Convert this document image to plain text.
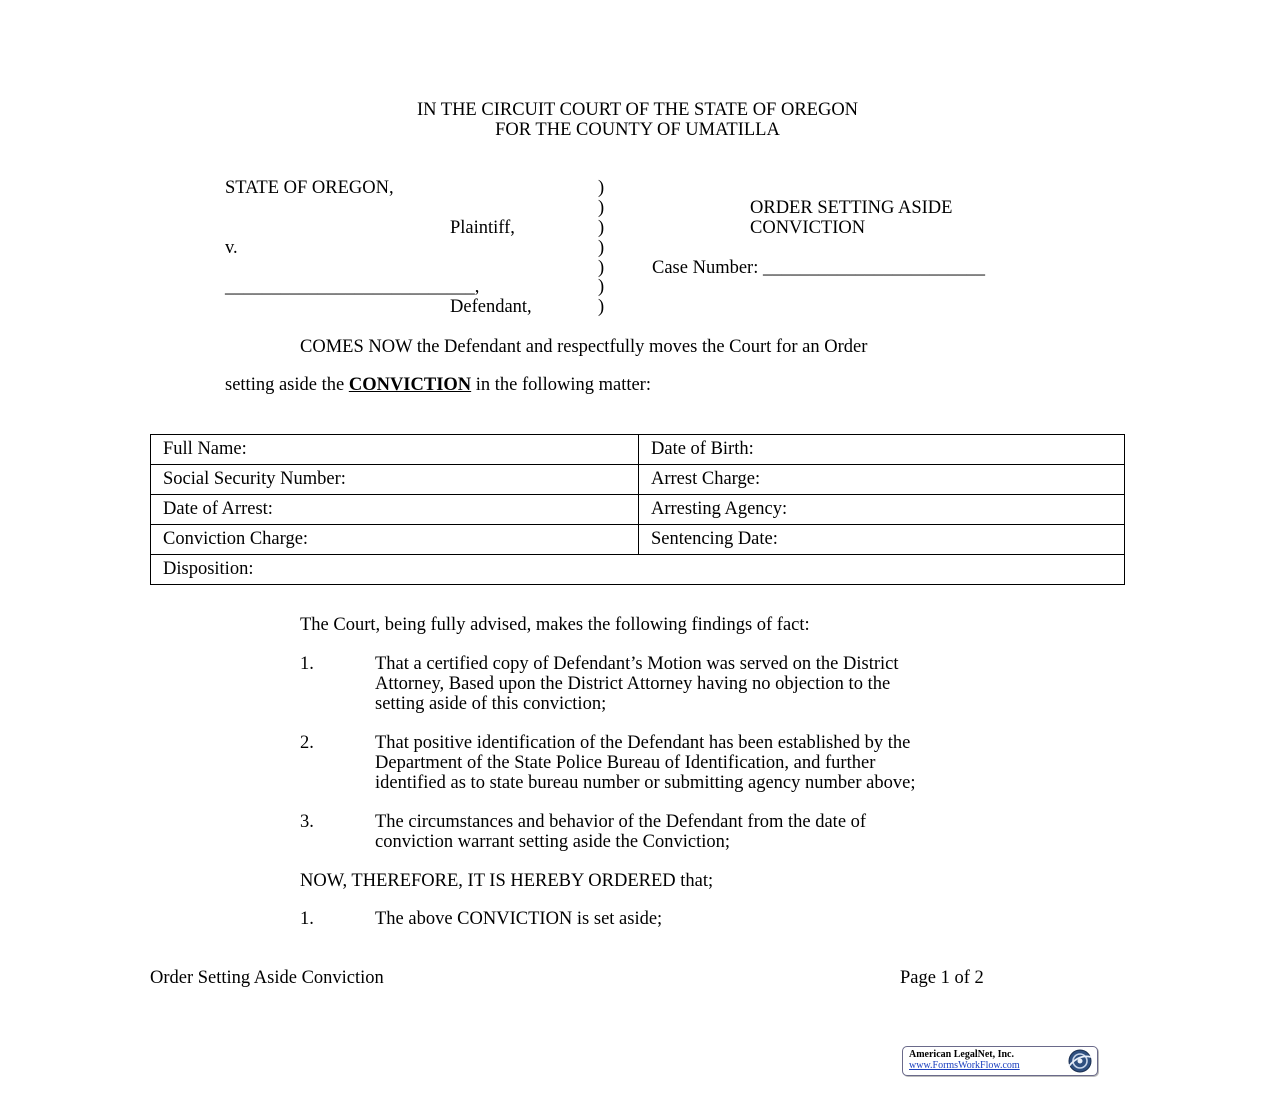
IN THE CIRCUIT COURT OF THE STATE OF OREGON
FOR THE COUNTY OF UMATILLA
STATE OF OREGON,
Plaintiff,
v.
___________________________,
Defendant,
)
)
)
)
)
)
)
ORDER SETTING ASIDE
CONVICTION
Case Number: ________________________
COMES NOW the Defendant and respectfully moves the Court for an Order
setting aside the CONVICTION in the following matter:
Full Name:	Date of Birth:
Social Security Number:	Arrest Charge:
Date of Arrest:	Arresting Agency:
Conviction Charge:	Sentencing Date:
Disposition:	
The Court, being fully advised, makes the following findings of fact:
1.	That a certified copy of Defendant’s Motion was served on the District
Attorney, Based upon the District Attorney having no objection to the
setting aside of this conviction;
2.	That positive identification of the Defendant has been established by the
Department of the State Police Bureau of Identification, and further
identified as to state bureau number or submitting agency number above;
3.	The circumstances and behavior of the Defendant from the date of
conviction warrant setting aside the Conviction;
NOW, THEREFORE, IT IS HEREBY ORDERED that;
1.	The above CONVICTION is set aside;
Order Setting Aside Conviction	Page 1 of 2
American LegalNet, Inc.
www.FormsWorkFlow.com
